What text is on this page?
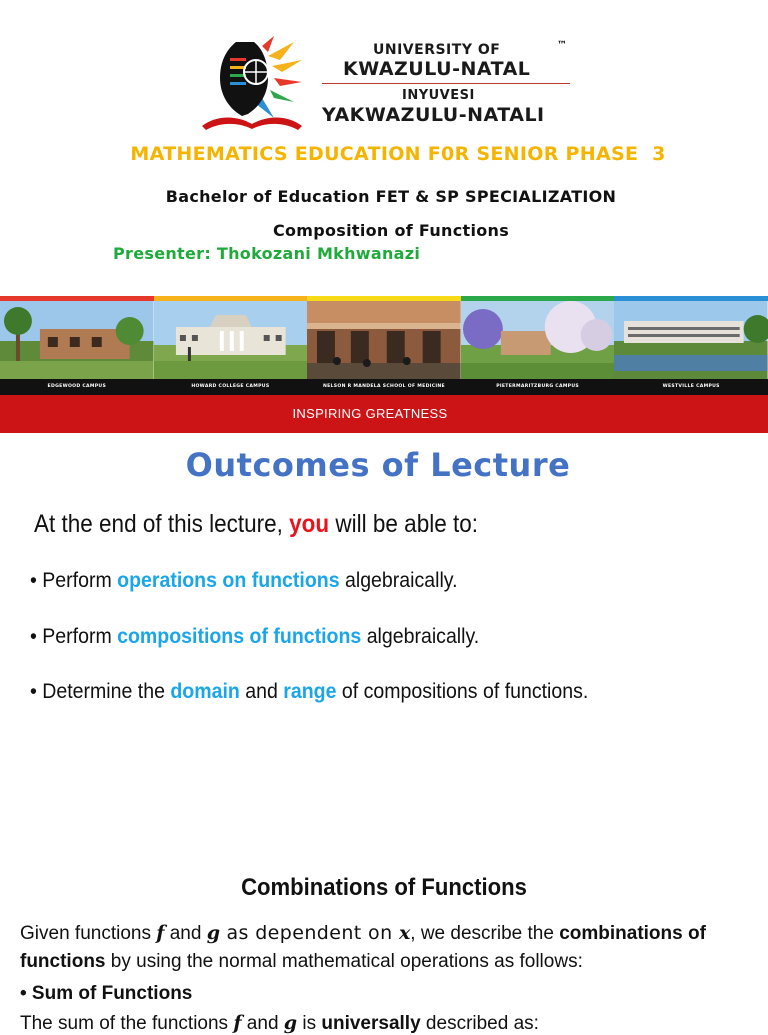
UNIVERSITY OF	™
KWAZULU-NATAL
INYUVESI
YAKWAZULU-NATALI
MATHEMATICS EDUCATION F0R SENIOR PHASE  3
Bachelor of Education FET & SP SPECIALIZATION
Composition of Functions
Presenter: Thokozani Mkhwanazi
EDGEWOOD CAMPUS	HOWARD COLLEGE CAMPUS	NELSON R MANDELA SCHOOL OF MEDICINE	PIETERMARITZBURG CAMPUS	WESTVILLE CAMPUS
INSPIRING GREATNESS
Outcomes of Lecture
At the end of this lecture, you will be able to:
• Perform operations on functions algebraically.
• Perform compositions of functions algebraically.
• Determine the domain and range of compositions of functions.
Combinations of Functions
Given functions f and g as dependent on x, we describe the combinations of
functions by using the normal mathematical operations as follows:
• Sum of Functions
The sum of the functions f and g is universally described as:
